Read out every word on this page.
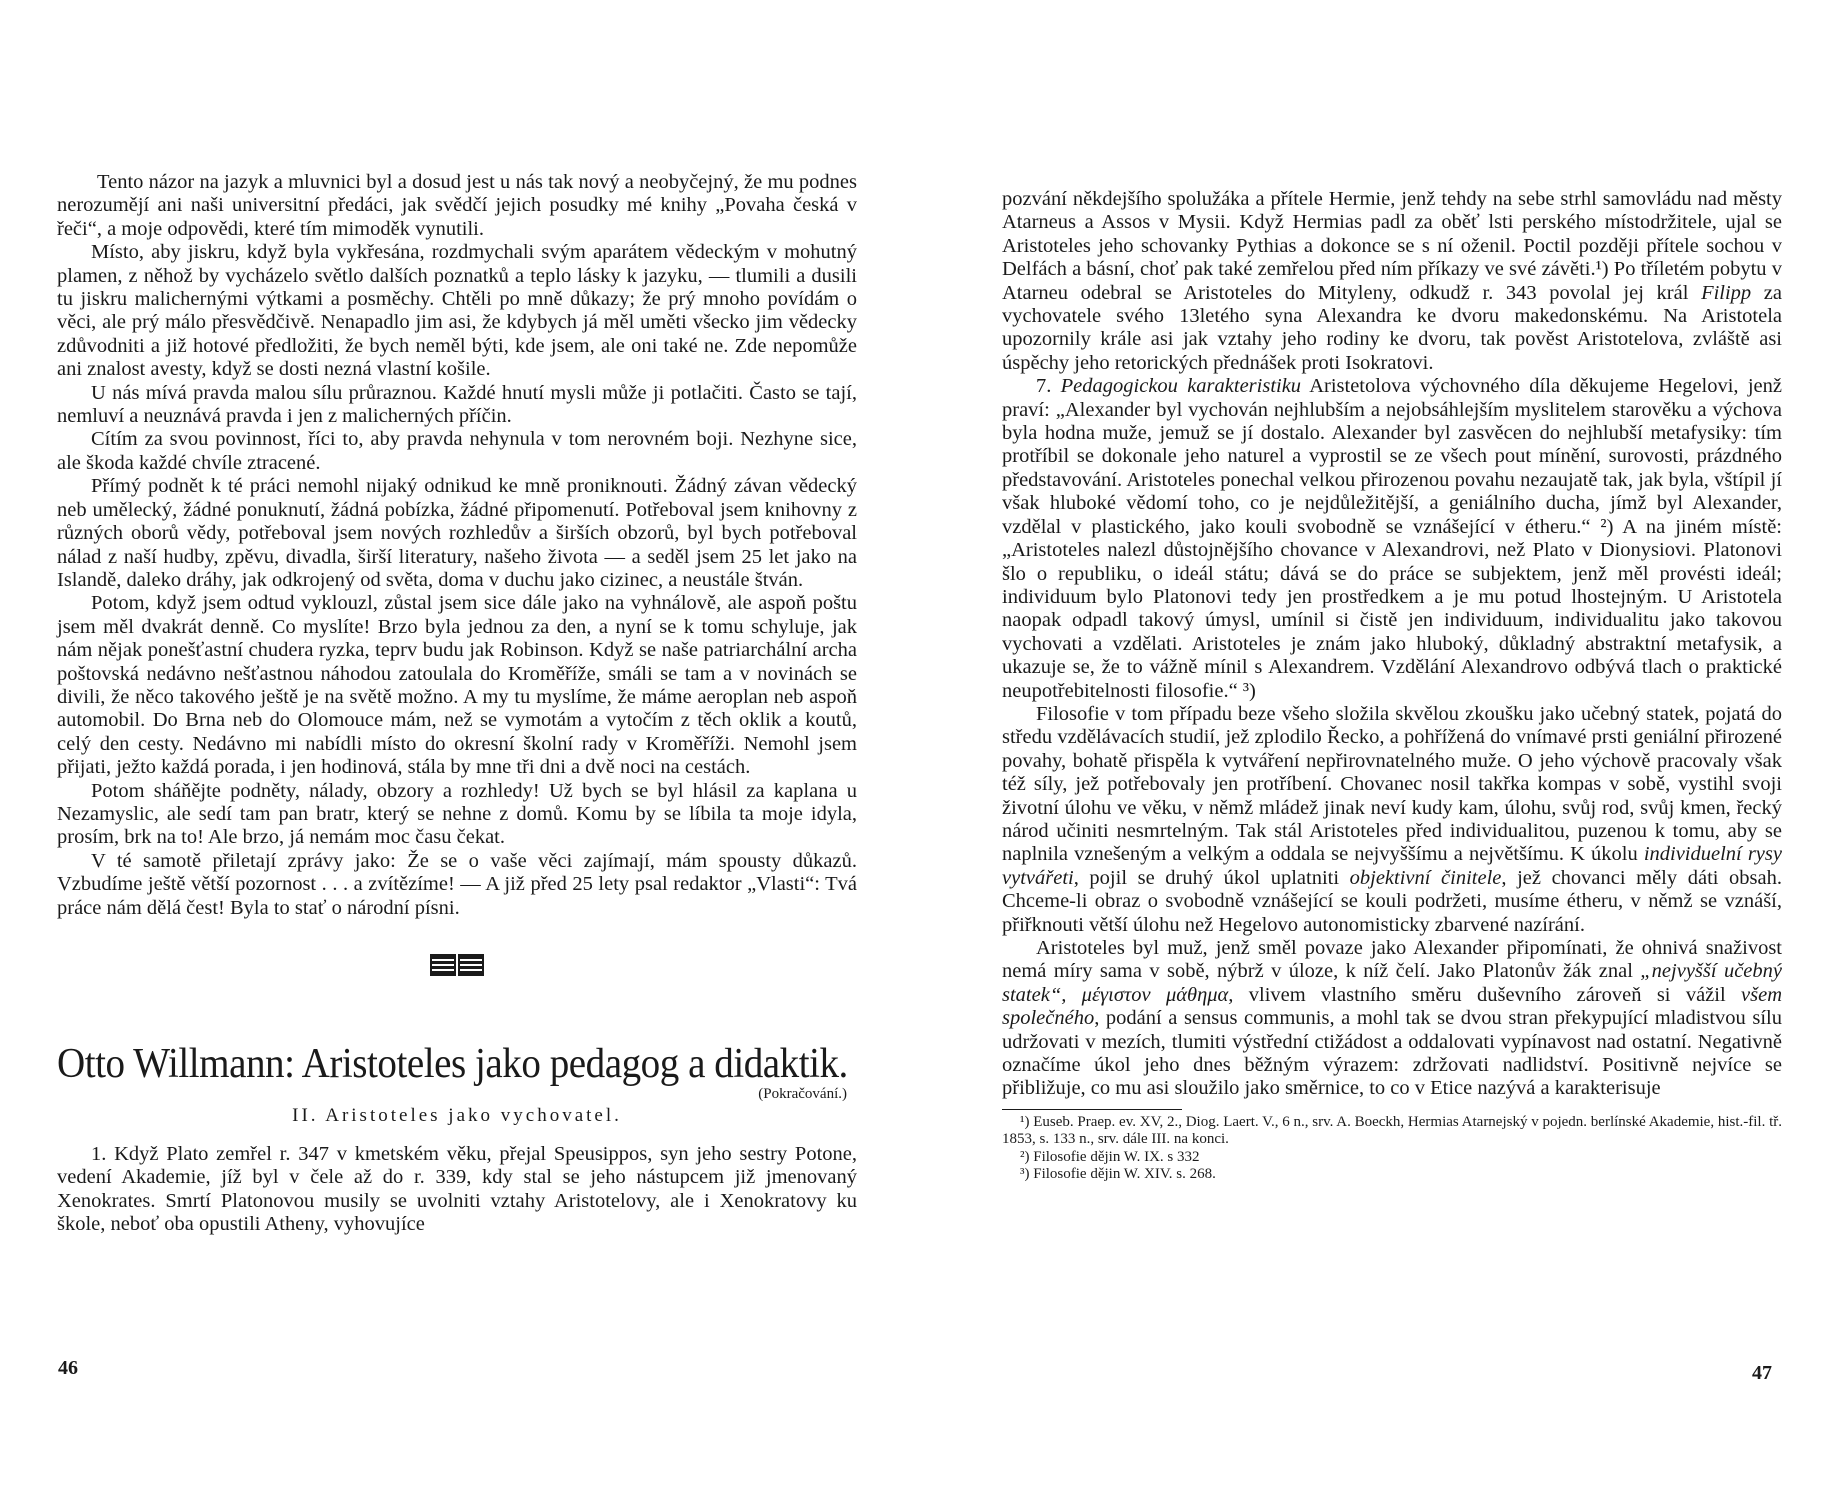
Tento názor na jazyk a mluvnici byl a dosud jest u nás tak nový a neobyčejný, že mu podnes nerozumějí ani naši universitní předáci, jak svědčí jejich posudky mé knihy „Povaha česká v řeči“, a moje odpovědi, které tím mimoděk vynutili.

Místo, aby jiskru, když byla vykřesána, rozdmychali svým aparátem vědeckým v mohutný plamen, z něhož by vycházelo světlo dalších poznatků a teplo lásky k jazyku, — tlumili a dusili tu jiskru malichernými výtkami a posměchy. Chtěli po mně důkazy; že prý mnoho povídám o věci, ale prý málo přesvědčivě. Nenapadlo jim asi, že kdybych já měl uměti všecko jim vědecky zdůvodniti a již hotové předložiti, že bych neměl býti, kde jsem, ale oni také ne. Zde nepomůže ani znalost avesty, když se dosti nezná vlastní košile.

U nás mívá pravda malou sílu průraznou. Každé hnutí mysli může ji potlačiti. Často se tají, nemluví a neuznává pravda i jen z malicherných příčin.

Cítím za svou povinnost, říci to, aby pravda nehynula v tom nerovném boji. Nezhyne sice, ale škoda každé chvíle ztracené.

Přímý podnět k té práci nemohl nijaký odnikud ke mně proniknouti. Žádný závan vědecký neb umělecký, žádné ponuknutí, žádná pobízka, žádné připomenutí. Potřeboval jsem knihovny z různých oborů vědy, potřeboval jsem nových rozhledův a širších obzorů, byl bych potřeboval nálad z naší hudby, zpěvu, divadla, širší literatury, našeho života — a seděl jsem 25 let jako na Islandě, daleko dráhy, jak odkrojený od světa, doma v duchu jako cizinec, a neustále štván.

Potom, když jsem odtud vyklouzl, zůstal jsem sice dále jako na vyhnálově, ale aspoň poštu jsem měl dvakrát denně. Co myslíte! Brzo byla jednou za den, a nyní se k tomu schyluje, jak nám nějak ponešťastní chudera ryzka, teprv budu jak Robinson. Když se naše patriarchální archa poštovská nedávno nešťastnou náhodou zatoulala do Kroměříže, smáli se tam a v novinách se divili, že něco takového ještě je na světě možno. A my tu myslíme, že máme aeroplan neb aspoň automobil. Do Brna neb do Olomouce mám, než se vymotám a vytočím z těch oklik a koutů, celý den cesty. Nedávno mi nabídli místo do okresní školní rady v Kroměříži. Nemohl jsem přijati, ježto každá porada, i jen hodinová, stála by mne tři dni a dvě noci na cestách.

Potom sháňějte podněty, nálady, obzory a rozhledy! Už bych se byl hlásil za kaplana u Nezamyslic, ale sedí tam pan bratr, který se nehne z domů. Komu by se líbila ta moje idyla, prosím, brk na to! Ale brzo, já nemám moc času čekat.

V té samotě přiletají zprávy jako: Že se o vaše věci zajímají, mám spousty důkazů. Vzbudíme ještě větší pozornost . . . a zvítězíme! — A již před 25 lety psal redaktor „Vlasti“: Tvá práce nám dělá čest! Byla to stať o národní písni.

Otto Willmann: Aristoteles jako pedagog a didaktik.
(Pokračování.)
II. Aristoteles jako vychovatel.

1. Když Plato zemřel r. 347 v kmetském věku, přejal Speusippos, syn jeho sestry Potone, vedení Akademie, jíž byl v čele až do r. 339, kdy stal se jeho nástupcem již jmenovaný Xenokrates. Smrtí Platonovou musily se uvolniti vztahy Aristotelovy, ale i Xenokratovy ku škole, neboť oba opustili Atheny, vyhovujíce

46

pozvání někdejšího spolužáka a přítele Hermie, jenž tehdy na sebe strhl samovládu nad městy Atarneus a Assos v Mysii. Když Hermias padl za oběť lsti perského místodržitele, ujal se Aristoteles jeho schovanky Pythias a dokonce se s ní oženil. Poctil později přítele sochou v Delfách a básní, choť pak také zemřelou před ním příkazy ve své závěti.¹) Po tříletém pobytu v Atarneu odebral se Aristoteles do Mityleny, odkudž r. 343 povolal jej král Filipp za vychovatele svého 13letého syna Alexandra ke dvoru makedonskému. Na Aristotela upozornily krále asi jak vztahy jeho rodiny ke dvoru, tak pověst Aristotelova, zvláště asi úspěchy jeho retorických přednášek proti Isokratovi.

7. Pedagogickou karakteristiku Aristetolova výchovného díla děkujeme Hegelovi, jenž praví: „Alexander byl vychován nejhlubším a nejobsáhlejším myslitelem starověku a výchova byla hodna muže, jemuž se jí dostalo. Alexander byl zasvěcen do nejhlubší metafysiky: tím protříbil se dokonale jeho naturel a vyprostil se ze všech pout mínění, surovosti, prázdného představování. Aristoteles ponechal velkou přirozenou povahu nezaujatě tak, jak byla, vštípil jí však hluboké vědomí toho, co je nejdůležitější, a geniálního ducha, jímž byl Alexander, vzdělal v plastického, jako kouli svobodně se vznášející v étheru.“ ²) A na jiném místě: „Aristoteles nalezl důstojnějšího chovance v Alexandrovi, než Plato v Dionysiovi. Platonovi šlo o republiku, o ideál státu; dává se do práce se subjektem, jenž měl provésti ideál; individuum bylo Platonovi tedy jen prostředkem a je mu potud lhostejným. U Aristotela naopak odpadl takový úmysl, umínil si čistě jen individuum, individualitu jako takovou vychovati a vzdělati. Aristoteles je znám jako hluboký, důkladný abstraktní metafysik, a ukazuje se, že to vážně mínil s Alexandrem. Vzdělání Alexandrovo odbývá tlach o praktické neupotřebitelnosti filosofie.“ ³)

Filosofie v tom případu beze všeho složila skvělou zkoušku jako učebný statek, pojatá do středu vzdělávacích studií, jež zplodilo Řecko, a pohřížená do vnímavé prsti geniální přirozené povahy, bohatě přispěla k vytváření nepřirovnatelného muže. O jeho výchově pracovaly však též síly, jež potřebovaly jen protříbení. Chovanec nosil takřka kompas v sobě, vystihl svoji životní úlohu ve věku, v němž mládež jinak neví kudy kam, úlohu, svůj rod, svůj kmen, řecký národ učiniti nesmrtelným. Tak stál Aristoteles před individualitou, puzenou k tomu, aby se naplnila vznešeným a velkým a oddala se nejvyššímu a největšímu. K úkolu individuelní rysy vytvářeti, pojil se druhý úkol uplatniti objektivní činitele, jež chovanci měly dáti obsah. Chceme-li obraz o svobodně vznášející se kouli podržeti, musíme étheru, v němž se vznáší, přiřknouti větší úlohu než Hegelovo autonomisticky zbarvené nazírání.

Aristoteles byl muž, jenž směl povaze jako Alexander připomínati, že ohnivá snaživost nemá míry sama v sobě, nýbrž v úloze, k níž čelí. Jako Platonův žák znal „nejvyšší učebný statek“, μέγιστον μάθημα, vlivem vlastního směru duševního zároveň si vážil všem společného, podání a sensus communis, a mohl tak se dvou stran překypující mladistvou sílu udržovati v mezích, tlumiti výstřední ctižádost a oddalovati vypínavost nad ostatní. Negativně označíme úkol jeho dnes běžným výrazem: zdržovati nadlidství. Positivně nejvíce se přibližuje, co mu asi sloužilo jako směrnice, to co v Etice nazývá a karakterisuje

¹) Euseb. Praep. ev. XV, 2., Diog. Laert. V., 6 n., srv. A. Boeckh, Hermias Atarnejský v pojedn. berlínské Akademie, hist.-fil. tř. 1853, s. 133 n., srv. dále III. na konci.

²) Filosofie dějin W. IX. s 332

³) Filosofie dějin W. XIV. s. 268.

47
